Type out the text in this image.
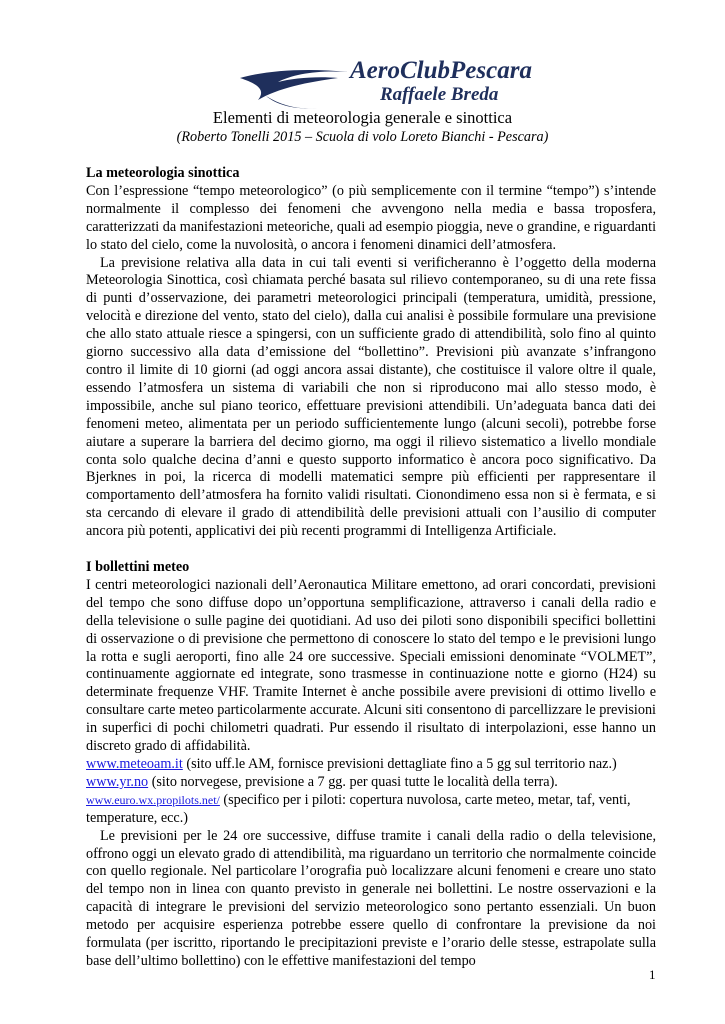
AeroClubPescara
Raffaele Breda
Elementi di meteorologia generale e sinottica
(Roberto Tonelli 2015 – Scuola di volo Loreto Bianchi - Pescara)
La meteorologia sinottica

Con l’espressione “tempo meteorologico” (o più semplicemente con il termine “tempo”) s’intende normalmente il complesso dei fenomeni che avvengono nella media e bassa troposfera, caratterizzati da manifestazioni meteoriche, quali ad esempio pioggia, neve o grandine, e riguardanti lo stato del cielo, come la nuvolosità, o ancora i fenomeni dinamici dell’atmosfera.

La previsione relativa alla data in cui tali eventi si verificheranno è l’oggetto della moderna Meteorologia Sinottica, così chiamata perché basata sul rilievo contemporaneo, su di una rete fissa di punti d’osservazione, dei parametri meteorologici principali (temperatura, umidità, pressione, velocità e direzione del vento, stato del cielo), dalla cui analisi è possibile formulare una previsione che allo stato attuale riesce a spingersi, con un sufficiente grado di attendibilità, solo fino al quinto giorno successivo alla data d’emissione del “bollettino”. Previsioni più avanzate s’infrangono contro il limite di 10 giorni (ad oggi ancora assai distante), che costituisce il valore oltre il quale, essendo l’atmosfera un sistema di variabili che non si riproducono mai allo stesso modo, è impossibile, anche sul piano teorico, effettuare previsioni attendibili. Un’adeguata banca dati dei fenomeni meteo, alimentata per un periodo sufficientemente lungo (alcuni secoli), potrebbe forse aiutare a superare la barriera del decimo giorno, ma oggi il rilievo sistematico a livello mondiale conta solo qualche decina d’anni e questo supporto informatico è ancora poco significativo. Da Bjerknes in poi, la ricerca di modelli matematici sempre più efficienti per rappresentare il comportamento dell’atmosfera ha fornito validi risultati. Cionondimeno essa non si è fermata, e si sta cercando di elevare il grado di attendibilità delle previsioni attuali con l’ausilio di computer ancora più potenti, applicativi dei più recenti programmi di Intelligenza Artificiale.

I bollettini meteo

I centri meteorologici nazionali dell’Aeronautica Militare emettono, ad orari concordati, previsioni del tempo che sono diffuse dopo un’opportuna semplificazione, attraverso i canali della radio e della televisione o sulle pagine dei quotidiani. Ad uso dei piloti sono disponibili specifici bollettini di osservazione o di previsione che permettono di conoscere lo stato del tempo e le previsioni lungo la rotta e sugli aeroporti, fino alle 24 ore successive. Speciali emissioni denominate “VOLMET”, continuamente aggiornate ed integrate, sono trasmesse in continuazione notte e giorno (H24) su determinate frequenze VHF. Tramite Internet è anche possibile avere previsioni di ottimo livello e consultare carte meteo particolarmente accurate. Alcuni siti consentono di parcellizzare le previsioni in superfici di pochi chilometri quadrati. Pur essendo il risultato di interpolazioni, esse hanno un discreto grado di affidabilità.

www.meteoam.it (sito uff.le AM, fornisce previsioni dettagliate fino a 5 gg sul territorio naz.)

www.yr.no (sito norvegese, previsione a 7 gg. per quasi tutte le località della terra).

www.euro.wx.propilots.net/ (specifico per i piloti: copertura nuvolosa, carte meteo, metar, taf, venti, temperature, ecc.)

Le previsioni per le 24 ore successive, diffuse tramite i canali della radio o della televisione, offrono oggi un elevato grado di attendibilità, ma riguardano un territorio che normalmente coincide con quello regionale. Nel particolare l’orografia può localizzare alcuni fenomeni e creare uno stato del tempo non in linea con quanto previsto in generale nei bollettini. Le nostre osservazioni e la capacità di integrare le previsioni del servizio meteorologico sono pertanto essenziali. Un buon metodo per acquisire esperienza potrebbe essere quello di confrontare la previsione da noi formulata (per iscritto, riportando le precipitazioni previste e l’orario delle stesse, estrapolate sulla base dell’ultimo bollettino) con le effettive manifestazioni del tempo

1
